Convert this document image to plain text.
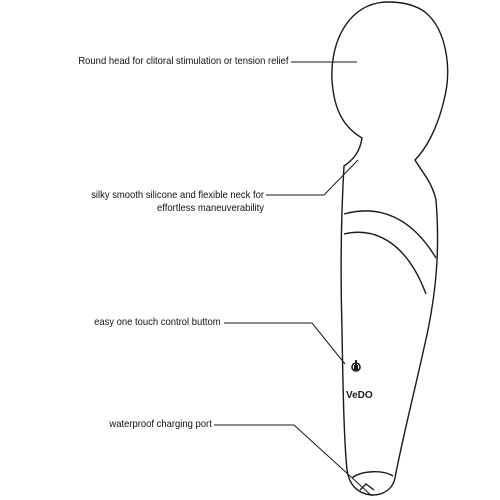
VeDO
Round head for clitoral stimulation or tension relief
silky smooth silicone and flexible neck for
effortless maneuverability
easy one touch control buttom
waterproof charging port
